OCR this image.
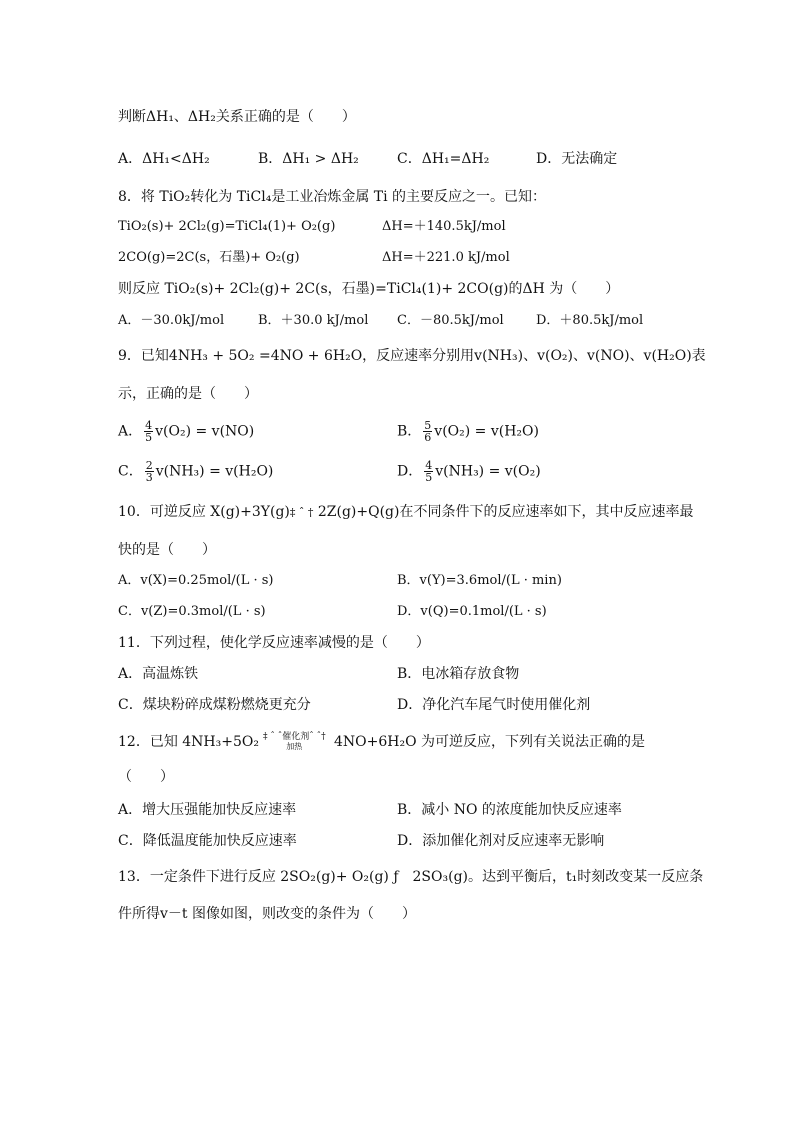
判断ΔH₁、ΔH₂关系正确的是（　　）
A．ΔH₁<ΔH₂	B．ΔH₁ > ΔH₂	C．ΔH₁=ΔH₂	D．无法确定
8．将 TiO₂转化为 TiCl₄是工业冶炼金属 Ti 的主要反应之一。已知：
TiO₂(s)+ 2Cl₂(g)=TiCl₄(1)+ O₂(g)	ΔH=＋140.5kJ/mol
2CO(g)=2C(s，石墨)+ O₂(g)	ΔH=＋221.0 kJ/mol
则反应 TiO₂(s)+ 2Cl₂(g)+ 2C(s，石墨)=TiCl₄(1)+ 2CO(g)的ΔH 为（　　）
A．－30.0kJ/mol	B．＋30.0 kJ/mol C．－80.5kJ/mol D．＋80.5kJ/mol
9．已知4NH₃ + 5O₂ =4NO + 6H₂O，反应速率分别用v(NH₃)、v(O₂)、v(NO)、v(H₂O)表
示，正确的是（　　）
A． $\frac{4}{5} v(O_2) = v(NO)$	B． $\frac{5}{6} v(O_2) = v(H_2O)$
C． $\frac{2}{3} v(NH_3) = v(H_2O)$	D． $\frac{4}{5} v(NH_3) = v(O_2)$
10．可逆反应 X(g)+3Y(g)‡ ˆ † 2Z(g)+Q(g)在不同条件下的反应速率如下，其中反应速率最
快的是（　　）
A．v(X)=0.25mol/(L · s)	B．v(Y)=3.6mol/(L · min)
C．v(Z)=0.3mol/(L · s)	D．v(Q)=0.1mol/(L · s)
11．下列过程，使化学反应速率减慢的是（　　）
A．高温炼铁	B．电冰箱存放食物
C．煤块粉碎成煤粉燃烧更充分	D．净化汽车尾气时使用催化剂
12．已知 4NH₃+5O₂ ‡ ˆ ˆ催化剂ˆ ˆ†
加热	4NO+6H₂O 为可逆反应，下列有关说法正确的是
（　　）
A．增大压强能加快反应速率	B．减小 NO 的浓度能加快反应速率
C．降低温度能加快反应速率	D．添加催化剂对反应速率无影响
13．一定条件下进行反应 2SO₂(g)+ O₂(g) ƒ　2SO₃(g)。达到平衡后，t₁时刻改变某一反应条
件所得v－t 图像如图，则改变的条件为（　　）
